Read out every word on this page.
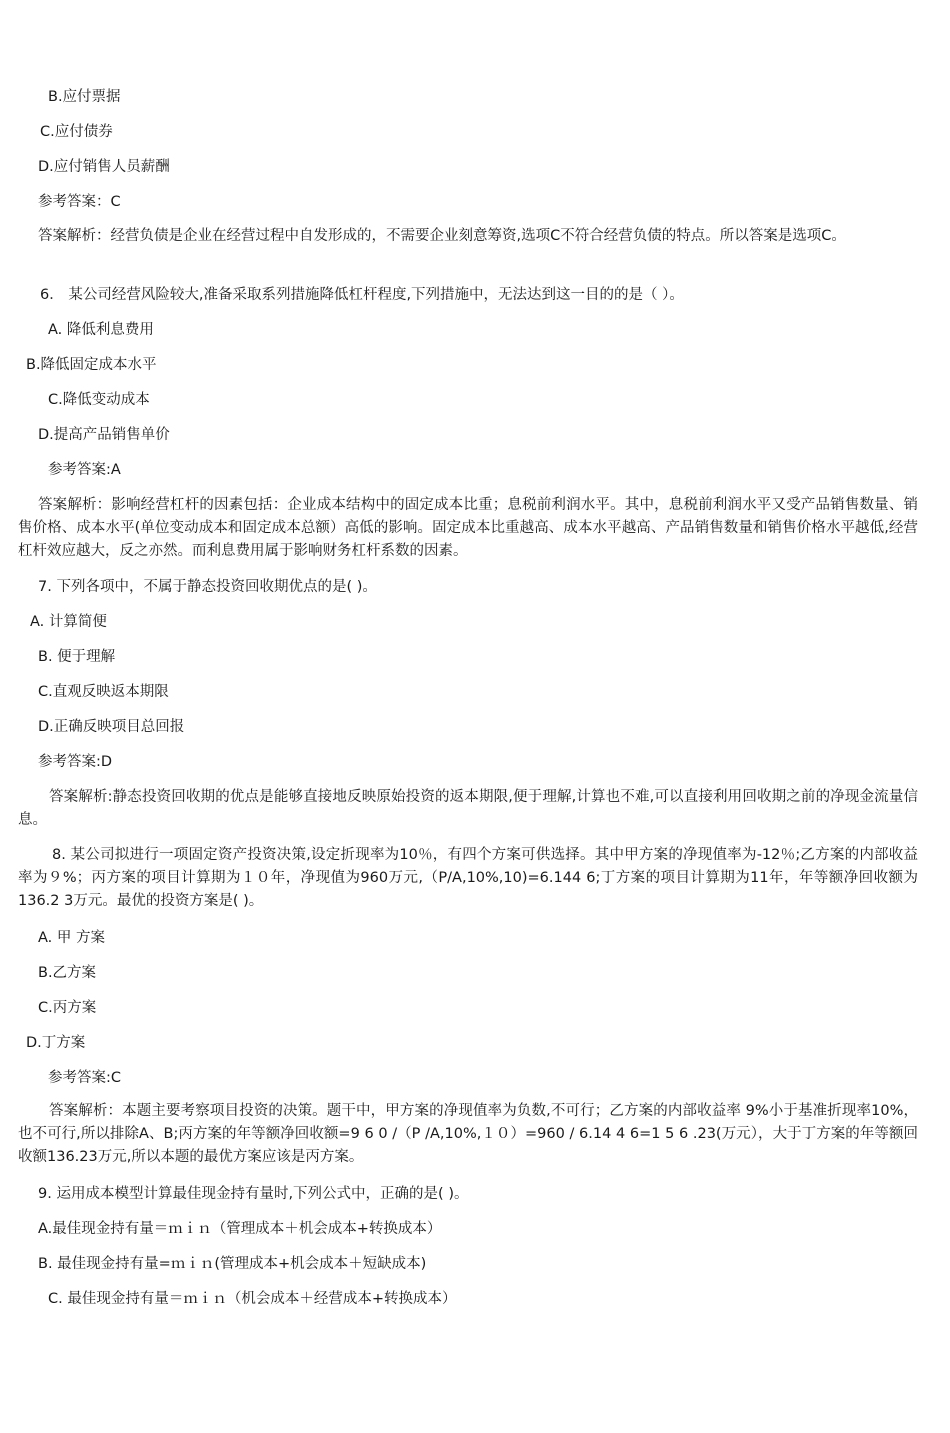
B.应付票据
C.应付债券
D.应付销售人员薪酬
参考答案：C
答案解析：经营负债是企业在经营过程中自发形成的，不需要企业刻意筹资,选项C不符合经营负债的特点。所以答案是选项C。
6． 某公司经营风险较大,准备采取系列措施降低杠杆程度,下列措施中，无法达到这一目的的是（ ）。
A. 降低利息费用
B.降低固定成本水平
C.降低变动成本
D.提高产品销售单价
参考答案:A
答案解析：影响经营杠杆的因素包括：企业成本结构中的固定成本比重；息税前利润水平。其中，息税前利润水平又受产品销售数量、销售价格、成本水平(单位变动成本和固定成本总额）高低的影响。固定成本比重越高、成本水平越高、产品销售数量和销售价格水平越低,经营杠杆效应越大，反之亦然。而利息费用属于影响财务杠杆系数的因素。
7. 下列各项中，不属于静态投资回收期优点的是( )。
A. 计算简便
B. 便于理解
C.直观反映返本期限
D.正确反映项目总回报
参考答案:D
答案解析:静态投资回收期的优点是能够直接地反映原始投资的返本期限,便于理解,计算也不难,可以直接利用回收期之前的净现金流量信息。
8. 某公司拟进行一项固定资产投资决策,设定折现率为10％，有四个方案可供选择。其中甲方案的净现值率为-12％;乙方案的内部收益率为９%；丙方案的项目计算期为１０年，净现值为960万元,（P/A,10%,10)=6.144 6;丁方案的项目计算期为11年，年等额净回收额为136.2 3万元。最优的投资方案是( )。
A. 甲 方案
B.乙方案
C.丙方案
D.丁方案
参考答案:C
答案解析：本题主要考察项目投资的决策。题干中，甲方案的净现值率为负数,不可行；乙方案的内部收益率 9%小于基准折现率10%，也不可行,所以排除A、B;丙方案的年等额净回收额=9 6 0 /（P /A,10%,１０）=960 / 6.14 4 6=1 5 6 .23(万元），大于丁方案的年等额回收额136.23万元,所以本题的最优方案应该是丙方案。
9. 运用成本模型计算最佳现金持有量时,下列公式中，正确的是( )。
A.最佳现金持有量＝ｍｉｎ（管理成本＋机会成本+转换成本）
B. 最佳现金持有量=ｍｉｎ(管理成本+机会成本＋短缺成本)
C. 最佳现金持有量＝ｍｉｎ（机会成本＋经营成本+转换成本）
